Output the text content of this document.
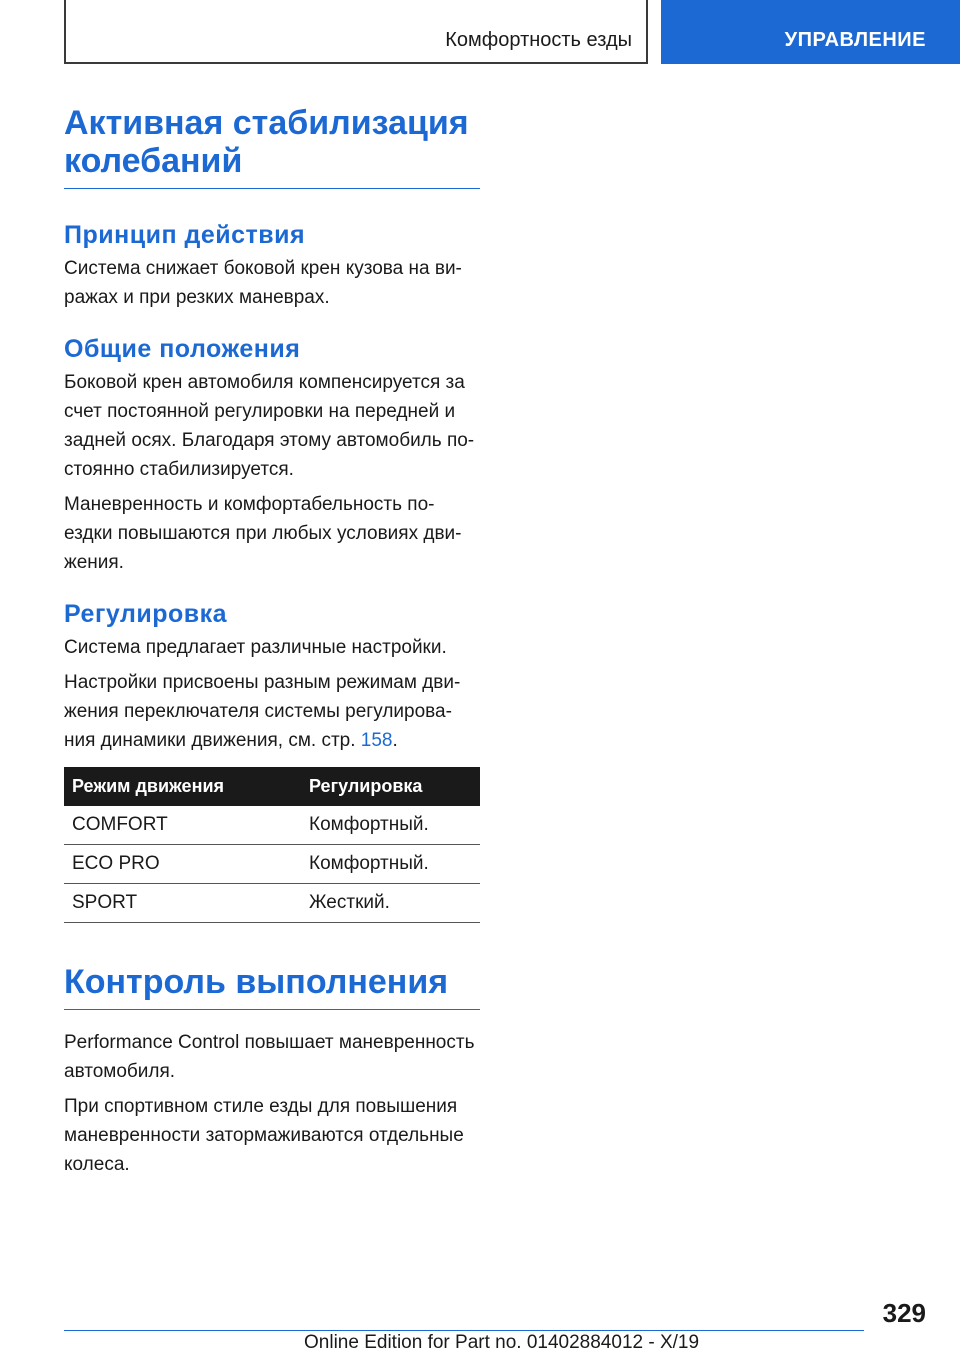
Комфортность езды	УПРАВЛЕНИЕ
Активная стабилизация
колебаний
Принцип действия

Система снижает боковой крен кузова на ви-
ражах и при резких маневрах.

Общие положения

Боковой крен автомобиля компенсируется за
счет постоянной регулировки на передней и
задней осях. Благодаря этому автомобиль по-
стоянно стабилизируется.

Маневренность и комфортабельность по-
ездки повышаются при любых условиях дви-
жения.

Регулировка

Система предлагает различные настройки.

Настройки присвоены разным режимам дви-
жения переключателя системы регулирова-
ния динамики движения, см. стр. 158.

Режим движения	Регулировка
COMFORT	Комфортный.
ECO PRO	Комфортный.
SPORT	Жесткий.
Контроль выполнения

Performance Control повышает маневренность
автомобиля.

При спортивном стиле езды для повышения
маневренности затормаживаются отдельные
колеса.

329
Online Edition for Part no. 01402884012 - X/19
